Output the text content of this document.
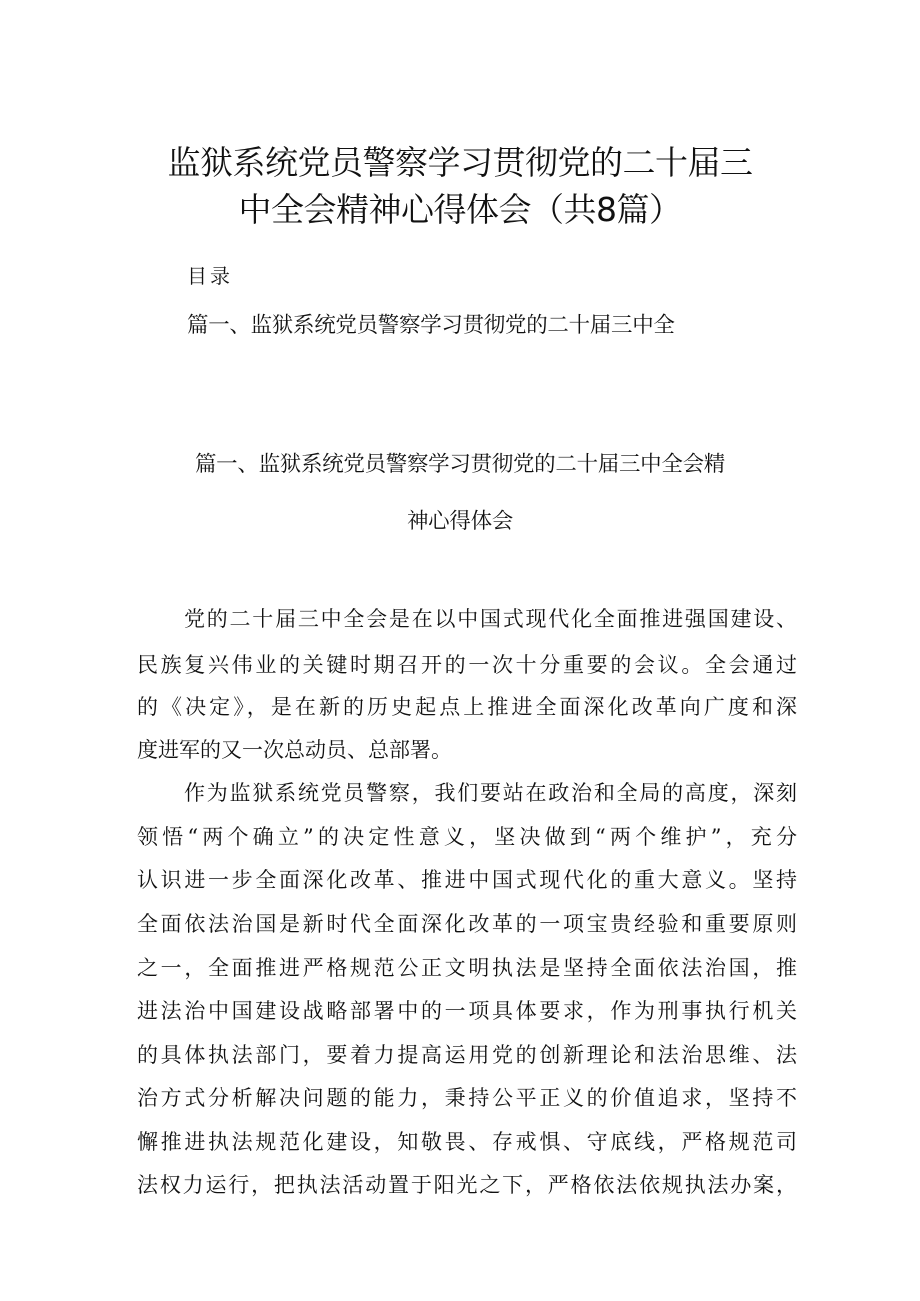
监狱系统党员警察学习贯彻党的二十届三
中全会精神心得体会（共8篇）
目录
篇一、监狱系统党员警察学习贯彻党的二十届三中全
篇一、监狱系统党员警察学习贯彻党的二十届三中全会精
神心得体会
党的二十届三中全会是在以中国式现代化全面推进强国建设、
民族复兴伟业的关键时期召开的一次十分重要的会议。全会通过
的《决定》，是在新的历史起点上推进全面深化改革向广度和深
度进军的又一次总动员、总部署。
作为监狱系统党员警察，我们要站在政治和全局的高度，深刻
领悟“两个确立”的决定性意义，坚决做到“两个维护”，充分
认识进一步全面深化改革、推进中国式现代化的重大意义。坚持
全面依法治国是新时代全面深化改革的一项宝贵经验和重要原则
之一，全面推进严格规范公正文明执法是坚持全面依法治国，推
进法治中国建设战略部署中的一项具体要求，作为刑事执行机关
的具体执法部门，要着力提高运用党的创新理论和法治思维、法
治方式分析解决问题的能力，秉持公平正义的价值追求，坚持不
懈推进执法规范化建设，知敬畏、存戒惧、守底线，严格规范司
法权力运行，把执法活动置于阳光之下，严格依法依规执法办案，
